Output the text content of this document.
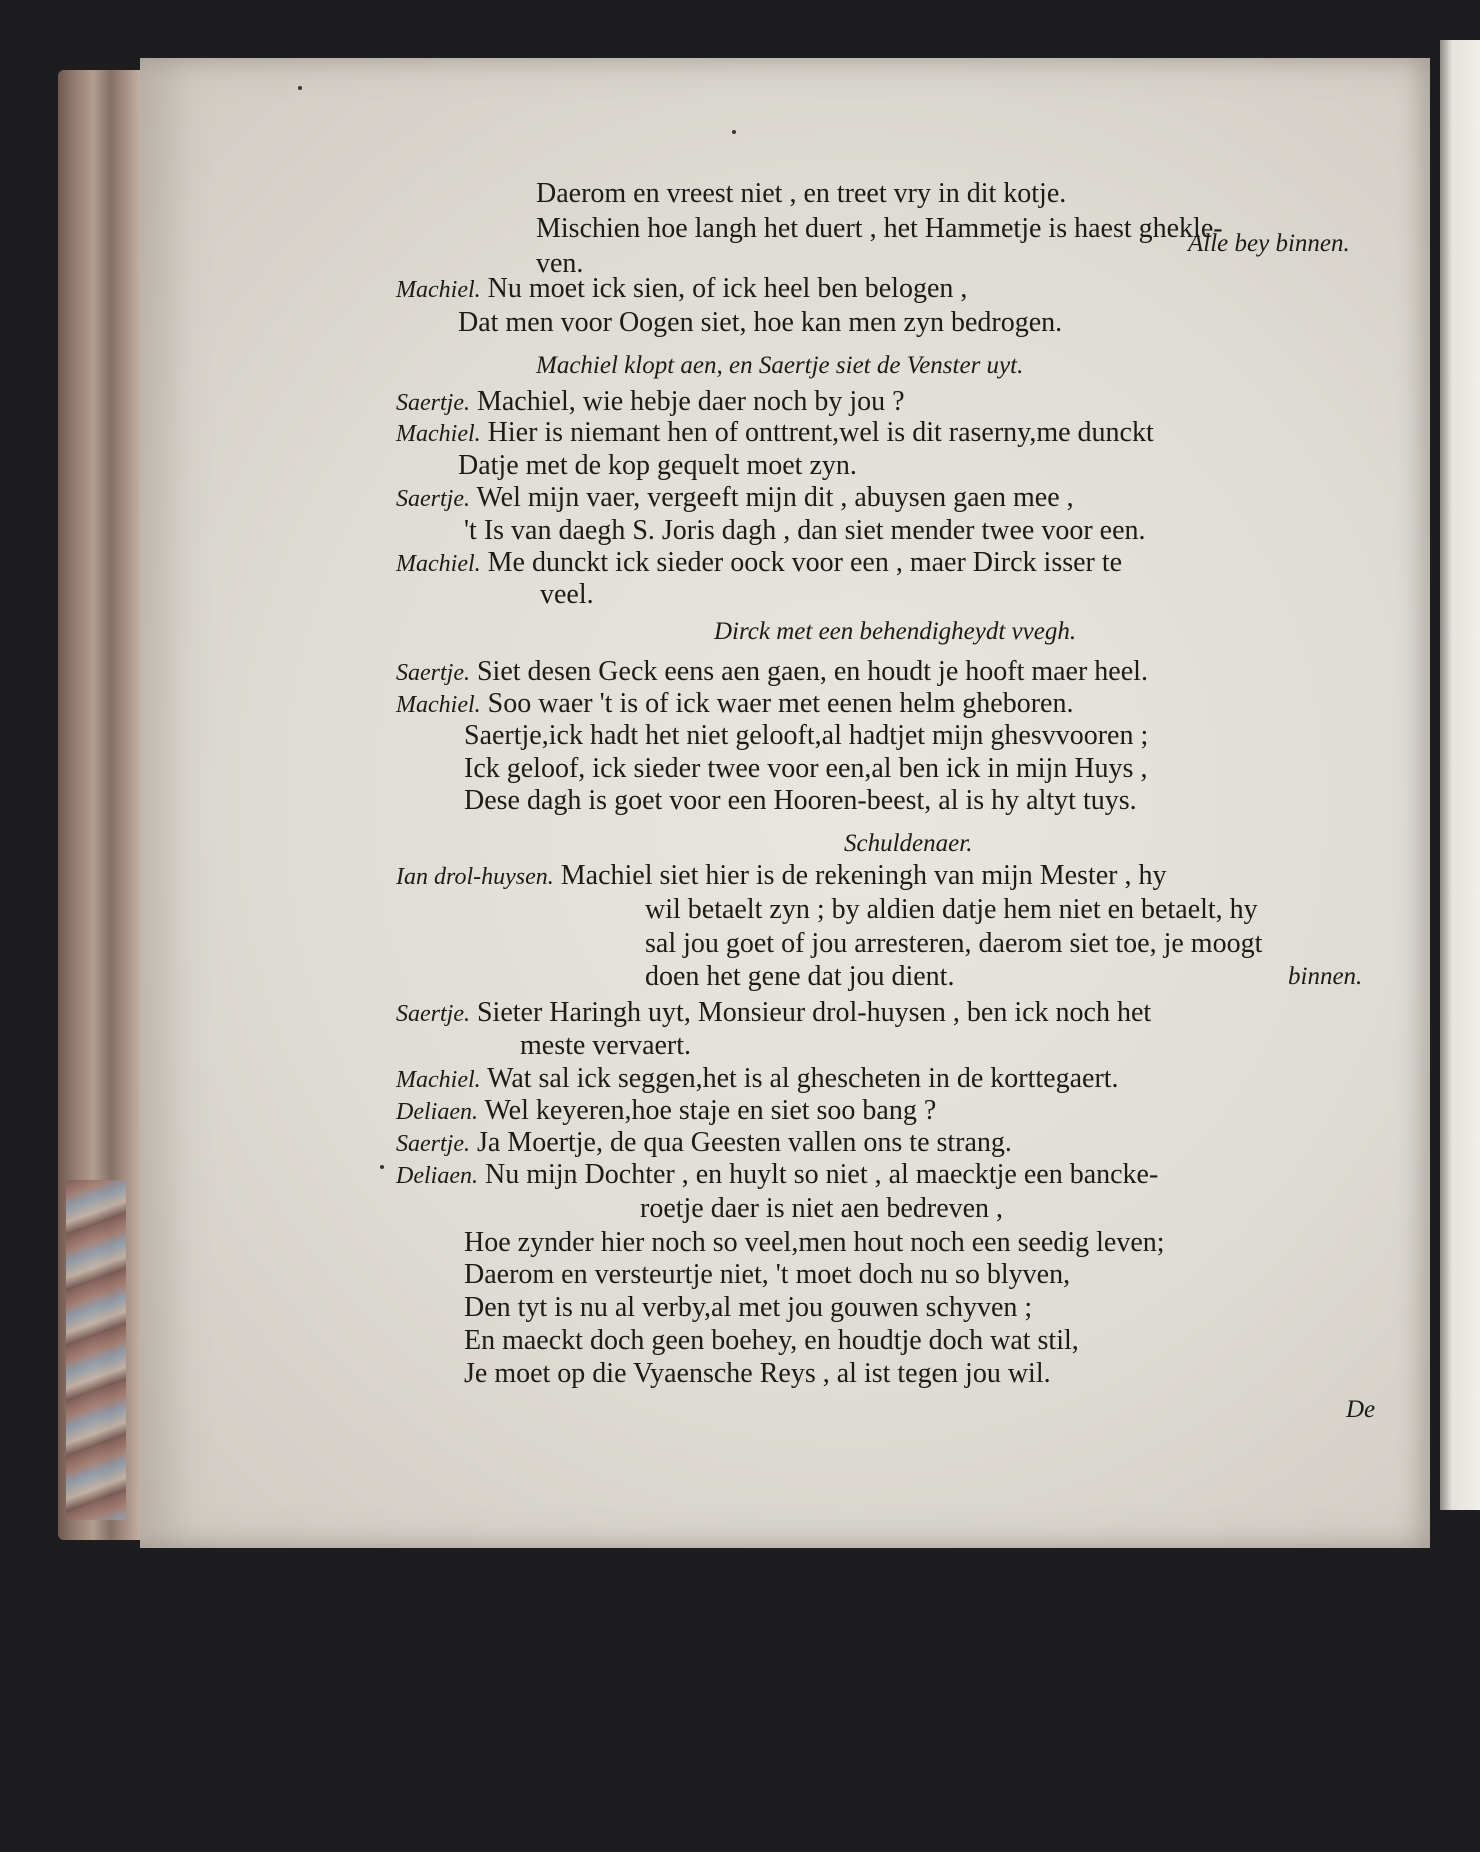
Daerom en vreest niet , en treet vry in dit kotje.
Mischien hoe langh het duert , het Hammetje is haest ghekle-
ven.
Alle bey binnen.
Machiel. Nu moet ick sien, of ick heel ben belogen ,
Dat men voor Oogen siet, hoe kan men zyn bedrogen.
Machiel klopt aen, en Saertje siet de Venster uyt.
Saertje. Machiel, wie hebje daer noch by jou ?
Machiel. Hier is niemant hen of onttrent,wel is dit raserny,me dunckt
Datje met de kop gequelt moet zyn.
Saertje. Wel mijn vaer, vergeeft mijn dit , abuysen gaen mee ,
't Is van daegh S. Joris dagh , dan siet mender twee voor een.
Machiel. Me dunckt ick sieder oock voor een , maer Dirck isser te
veel.
Dirck met een behendigheydt vvegh.
Saertje. Siet desen Geck eens aen gaen, en houdt je hooft maer heel.
Machiel. Soo waer 't is of ick waer met eenen helm gheboren.
Saertje,ick hadt het niet gelooft,al hadtjet mijn ghesvvooren ;
Ick geloof, ick sieder twee voor een,al ben ick in mijn Huys ,
Dese dagh is goet voor een Hooren-beest, al is hy altyt tuys.
Schuldenaer.
Ian drol-huysen. Machiel siet hier is de rekeningh van mijn Mester , hy
wil betaelt zyn ; by aldien datje hem niet en betaelt, hy
sal jou goet of jou arresteren, daerom siet toe, je moogt
doen het gene dat jou dient.	binnen.
Saertje. Sieter Haringh uyt, Monsieur drol-huysen , ben ick noch het
meste vervaert.
Machiel. Wat sal ick seggen,het is al ghescheten in de korttegaert.
Deliaen. Wel keyeren,hoe staje en siet soo bang ?
Saertje. Ja Moertje, de qua Geesten vallen ons te strang.
Deliaen. Nu mijn Dochter , en huylt so niet , al maecktje een bancke-
roetje daer is niet aen bedreven ,
Hoe zynder hier noch so veel,men hout noch een seedig leven;
Daerom en versteurtje niet, 't moet doch nu so blyven,
Den tyt is nu al verby,al met jou gouwen schyven ;
En maeckt doch geen boehey, en houdtje doch wat stil,
Je moet op die Vyaensche Reys , al ist tegen jou wil.
De
